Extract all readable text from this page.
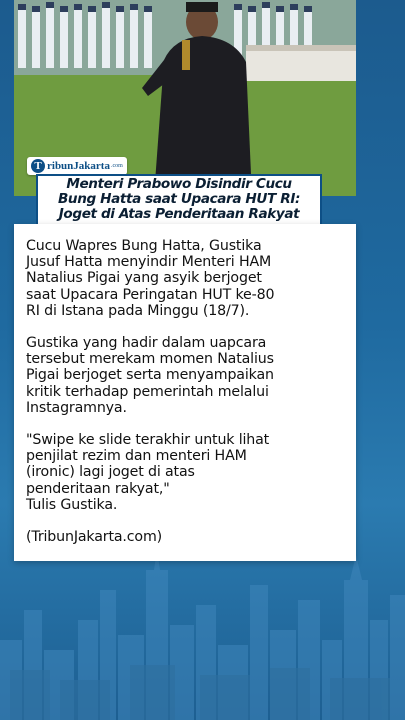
T ribunJakarta .com
Menteri Prabowo Disindir Cucu
Bung Hatta saat Upacara HUT RI:
Joget di Atas Penderitaan Rakyat

Cucu Wapres Bung Hatta, Gustika
Jusuf Hatta menyindir Menteri HAM
Natalius Pigai yang asyik berjoget
saat Upacara Peringatan HUT ke-80
RI di Istana pada Minggu (18/7).

Gustika yang hadir dalam uapcara
tersebut merekam momen Natalius
Pigai berjoget serta menyampaikan
kritik terhadap pemerintah melalui
Instagramnya.

"Swipe ke slide terakhir untuk lihat
penjilat rezim dan menteri HAM
(ironic) lagi joget di atas
penderitaan rakyat,"
Tulis Gustika.

(TribunJakarta.com)
